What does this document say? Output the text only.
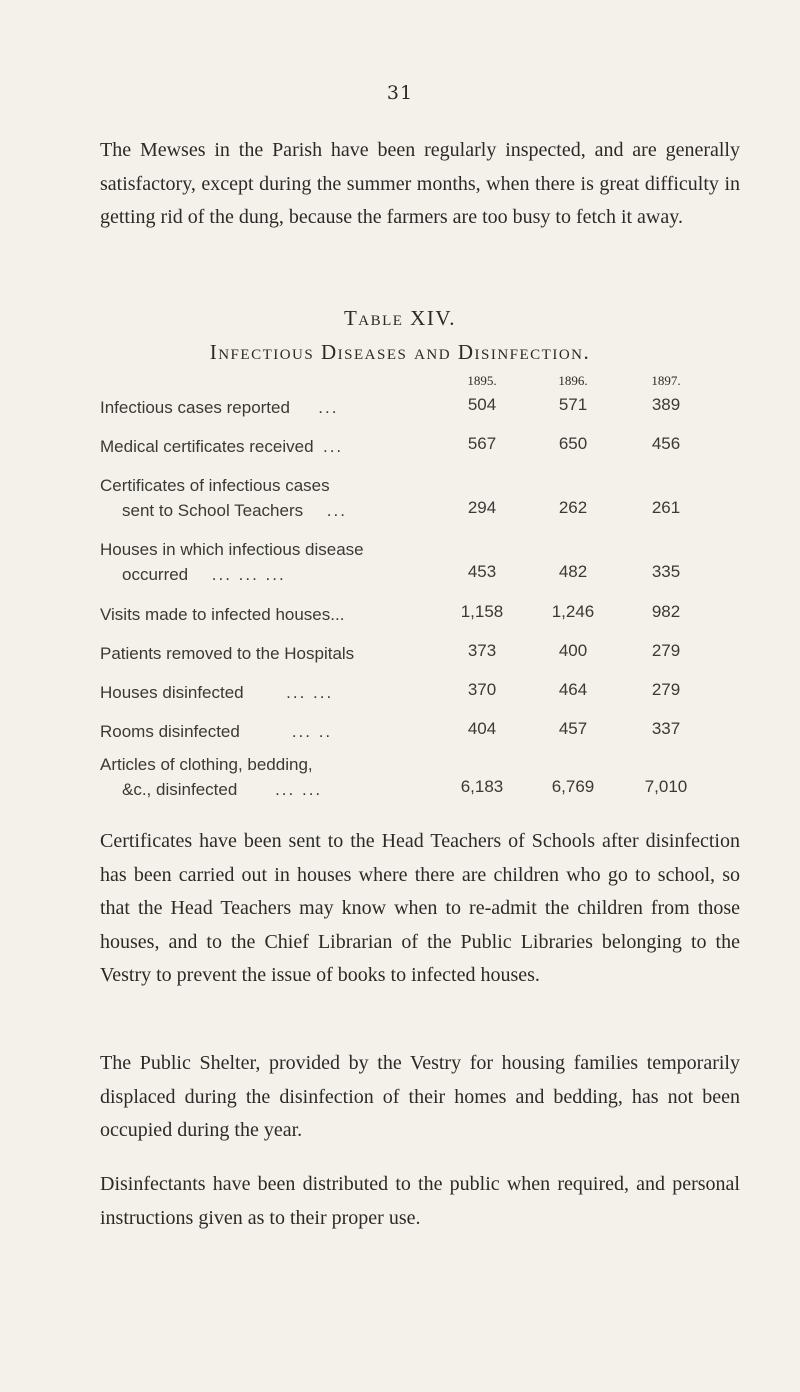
31

The Mewses in the Parish have been regularly inspected, and are generally satisfactory, except during the summer months, when there is great difficulty in getting rid of the dung, because the farmers are too busy to fetch it away.

Table XIV.
Infectious Diseases and Disinfection.
1895.	1896.	1897.
Infectious cases reported ...	504	571	389
Medical certificates received ...	567	650	456
Certificates of infectious cases
sent to School Teachers ...	294	262	261
Houses in which infectious disease
occurred ... ... ...	453	482	335
Visits made to infected houses...	1,158	1,246	982
Patients removed to the Hospitals	373	400	279
Houses disinfected	... ...	370	464	279
Rooms disinfected	... ..	404	457	337
Articles of clothing, bedding,
&c., disinfected ... ...	6,183	6,769	7,010

Certificates have been sent to the Head Teachers of Schools after disinfection has been carried out in houses where there are children who go to school, so that the Head Teachers may know when to re-admit the children from those houses, and to the Chief Librarian of the Public Libraries belonging to the Vestry to prevent the issue of books to infected houses.

The Public Shelter, provided by the Vestry for housing families temporarily displaced during the disinfection of their homes and bedding, has not been occupied during the year.

Disinfectants have been distributed to the public when required, and personal instructions given as to their proper use.
